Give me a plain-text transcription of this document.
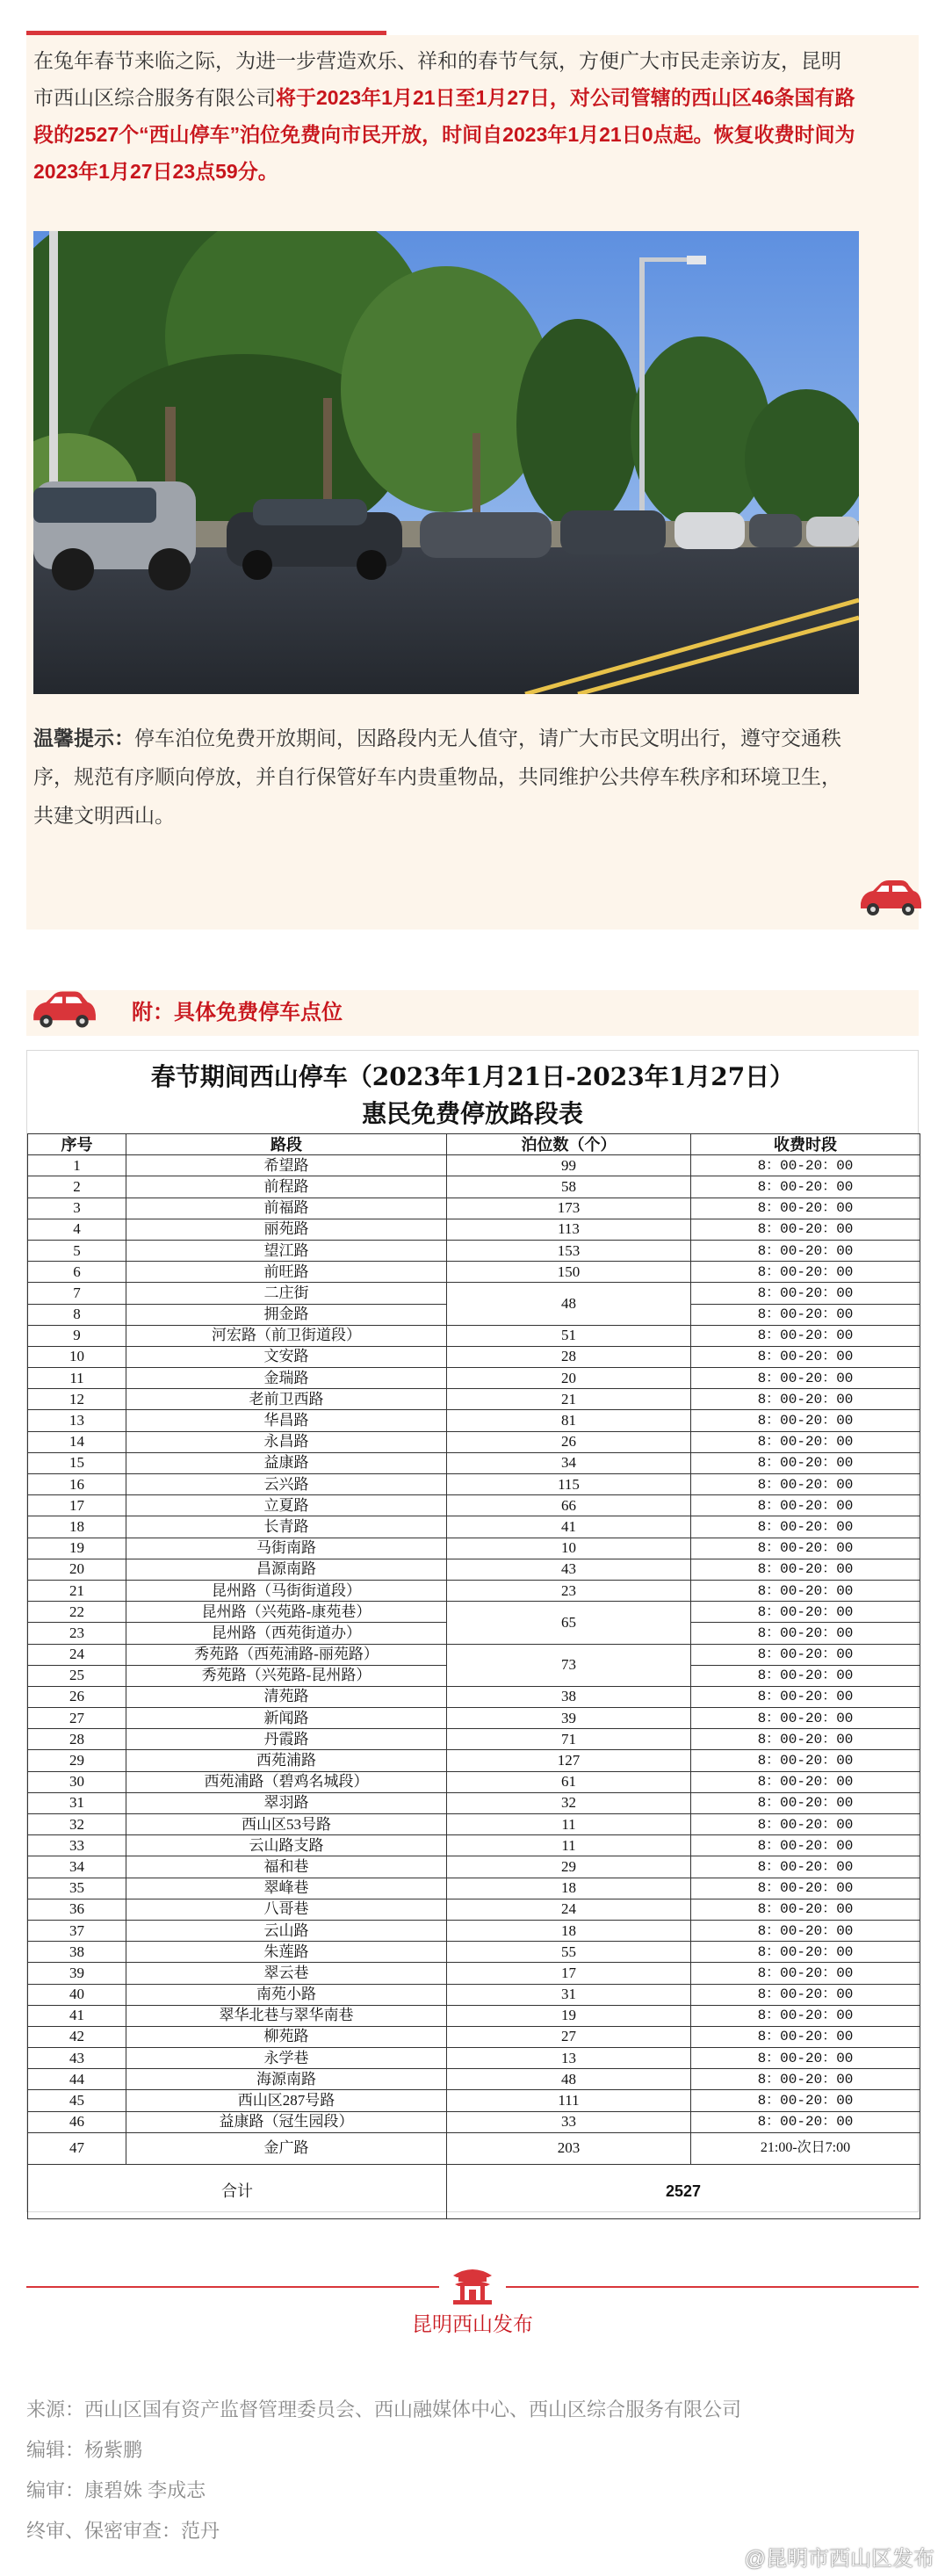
在兔年春节来临之际，为进一步营造欢乐、祥和的春节气氛，方便广大市民走亲访友，昆明市西山区综合服务有限公司将于2023年1月21日至1月27日，对公司管辖的西山区46条国有路段的2527个“西山停车”泊位免费向市民开放，时间自2023年1月21日0点起。恢复收费时间为2023年1月27日23点59分。

温馨提示：停车泊位免费开放期间，因路段内无人值守，请广大市民文明出行，遵守交通秩序，规范有序顺向停放，并自行保管好车内贵重物品，共同维护公共停车秩序和环境卫生，共建文明西山。

附：具体免费停车点位
春节期间西山停车（2023年1月21日-2023年1月27日）
惠民免费停放路段表
序号	路段	泊位数（个）	收费时段
1	希望路	99	8：00-20：00
2	前程路	58	8：00-20：00
3	前福路	173	8：00-20：00
4	丽苑路	113	8：00-20：00
5	望江路	153	8：00-20：00
6	前旺路	150	8：00-20：00
7	二庄街	48	8：00-20：00
8	拥金路		8：00-20：00
9	河宏路（前卫街道段）	51	8：00-20：00
10	文安路	28	8：00-20：00
11	金瑞路	20	8：00-20：00
12	老前卫西路	21	8：00-20：00
13	华昌路	81	8：00-20：00
14	永昌路	26	8：00-20：00
15	益康路	34	8：00-20：00
16	云兴路	115	8：00-20：00
17	立夏路	66	8：00-20：00
18	长青路	41	8：00-20：00
19	马街南路	10	8：00-20：00
20	昌源南路	43	8：00-20：00
21	昆州路（马街街道段）	23	8：00-20：00
22	昆州路（兴苑路-康苑巷）	65	8：00-20：00
23	昆州路（西苑街道办）		8：00-20：00
24	秀苑路（西苑浦路-丽苑路）	73	8：00-20：00
25	秀苑路（兴苑路-昆州路）		8：00-20：00
26	清苑路	38	8：00-20：00
27	新闻路	39	8：00-20：00
28	丹霞路	71	8：00-20：00
29	西苑浦路	127	8：00-20：00
30	西苑浦路（碧鸡名城段）	61	8：00-20：00
31	翠羽路	32	8：00-20：00
32	西山区53号路	11	8：00-20：00
33	云山路支路	11	8：00-20：00
34	福和巷	29	8：00-20：00
35	翠峰巷	18	8：00-20：00
36	八哥巷	24	8：00-20：00
37	云山路	18	8：00-20：00
38	朱莲路	55	8：00-20：00
39	翠云巷	17	8：00-20：00
40	南苑小路	31	8：00-20：00
41	翠华北巷与翠华南巷	19	8：00-20：00
42	柳苑路	27	8：00-20：00
43	永学巷	13	8：00-20：00
44	海源南路	48	8：00-20：00
45	西山区287号路	111	8：00-20：00
46	益康路（冠生园段）	33	8：00-20：00
47	金广路	203	21:00-次日7:00
合计		2527	
昆明西山发布
来源：西山区国有资产监督管理委员会、西山融媒体中心、西山区综合服务有限公司
编辑：杨紫鹏
编审：康碧姝 李成志
终审、保密审查：范丹
@昆明市西山区发布
